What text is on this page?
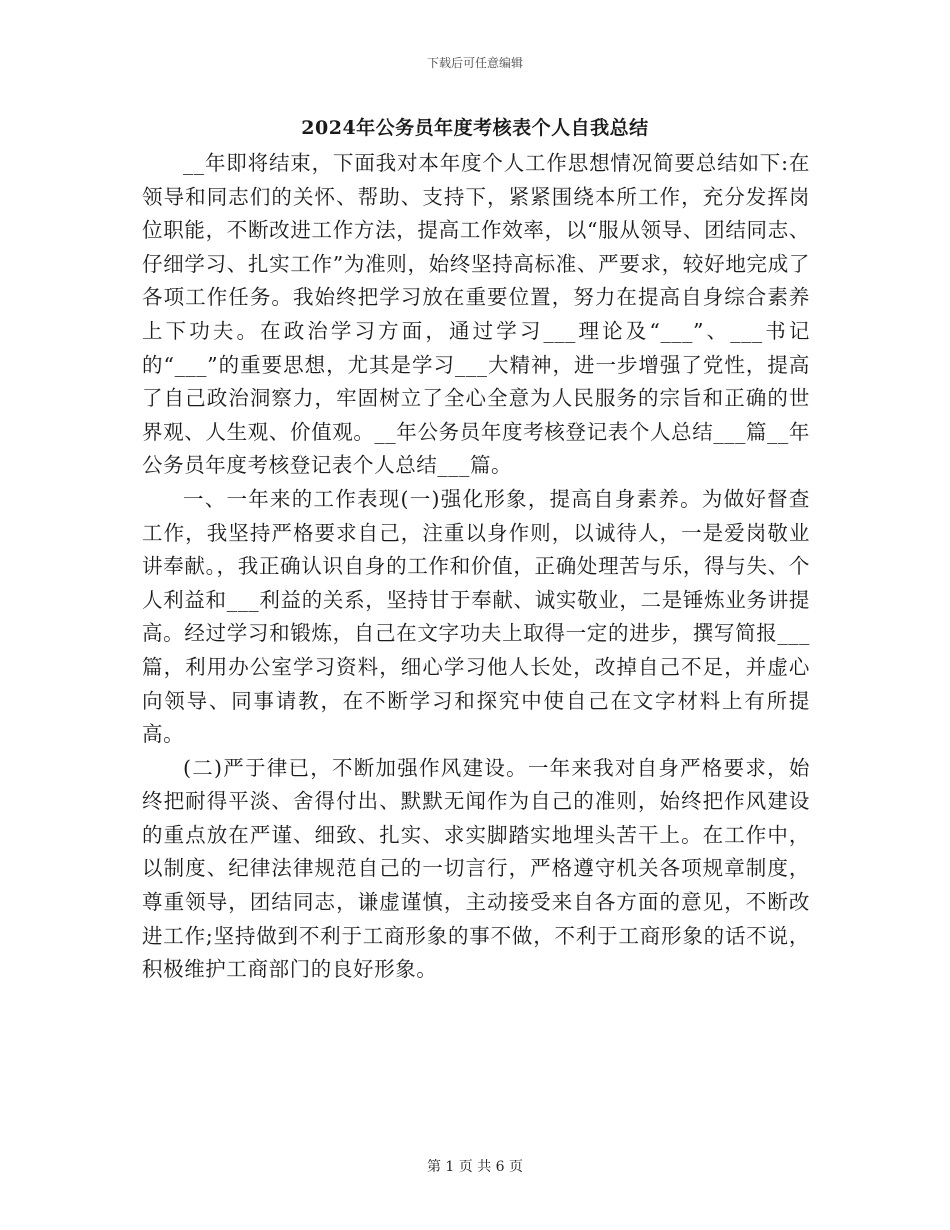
下载后可任意编辑
2024年公务员年度考核表个人自我总结

__年即将结束，下面我对本年度个人工作思想情况简要总结如下:在领导和同志们的关怀、帮助、支持下，紧紧围绕本所工作，充分发挥岗位职能，不断改进工作方法，提高工作效率，以“服从领导、团结同志、仔细学习、扎实工作”为准则，始终坚持高标准、严要求，较好地完成了各项工作任务。我始终把学习放在重要位置，努力在提高自身综合素养上下功夫。在政治学习方面，通过学习___理论及“___”、___书记的“___”的重要思想，尤其是学习___大精神，进一步增强了党性，提高了自己政治洞察力，牢固树立了全心全意为人民服务的宗旨和正确的世界观、人生观、价值观。__年公务员年度考核登记表个人总结___篇__年公务员年度考核登记表个人总结___篇。

一、一年来的工作表现(一)强化形象，提高自身素养。为做好督查工作，我坚持严格要求自己，注重以身作则，以诚待人，一是爱岗敬业讲奉献。，我正确认识自身的工作和价值，正确处理苦与乐，得与失、个人利益和___利益的关系，坚持甘于奉献、诚实敬业，二是锤炼业务讲提高。经过学习和锻炼，自己在文字功夫上取得一定的进步，撰写简报___篇，利用办公室学习资料，细心学习他人长处，改掉自己不足，并虚心向领导、同事请教，在不断学习和探究中使自己在文字材料上有所提高。

(二)严于律已，不断加强作风建设。一年来我对自身严格要求，始终把耐得平淡、舍得付出、默默无闻作为自己的准则，始终把作风建设的重点放在严谨、细致、扎实、求实脚踏实地埋头苦干上。在工作中，以制度、纪律法律规范自己的一切言行，严格遵守机关各项规章制度，尊重领导，团结同志，谦虚谨慎，主动接受来自各方面的意见，不断改进工作;坚持做到不利于工商形象的事不做，不利于工商形象的话不说，积极维护工商部门的良好形象。

第 1 页 共 6 页
